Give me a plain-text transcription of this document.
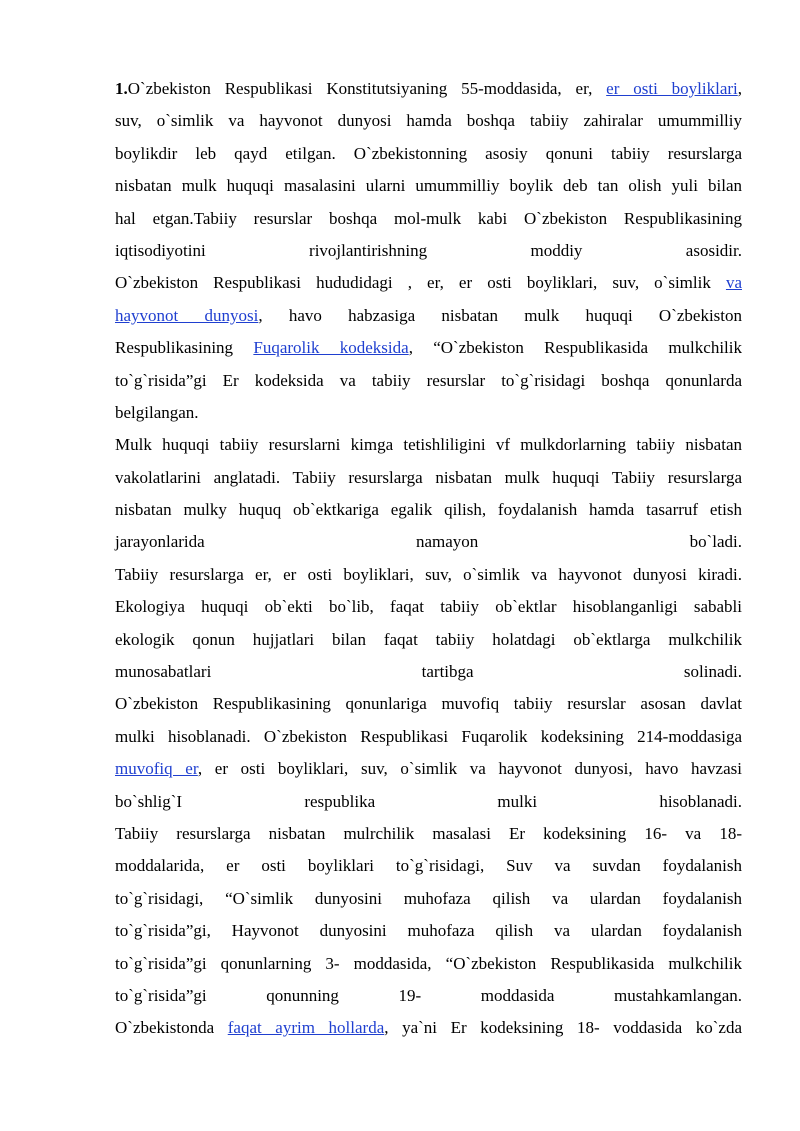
1.O`zbekiston Respublikasi Konstitutsiyaning 55-moddasida, er, er osti boyliklari,
suv, o`simlik va hayvonot dunyosi hamda boshqa tabiiy zahiralar umummilliy
boylikdir leb qayd etilgan. O`zbekistonning asosiy qonuni tabiiy resurslarga
nisbatan mulk huquqi masalasini ularni umummilliy boylik deb tan olish yuli bilan
hal etgan.Tabiiy resurslar boshqa mol-mulk kabi O`zbekiston Respublikasining
iqtisodiyotini rivojlantirishning moddiy asosidir.
O`zbekiston Respublikasi hududidagi , er, er osti boyliklari, suv, o`simlik va
hayvonot dunyosi, havo habzasiga nisbatan mulk huquqi O`zbekiston
Respublikasining Fuqarolik kodeksida, “O`zbekiston Respublikasida mulkchilik
to`g`risida”gi Er kodeksida va tabiiy resurslar to`g`risidagi boshqa qonunlarda
belgilangan.
Mulk huquqi tabiiy resurslarni kimga tetishliligini vf mulkdorlarning tabiiy nisbatan
vakolatlarini anglatadi. Tabiiy resurslarga nisbatan mulk huquqi Tabiiy resurslarga
nisbatan mulky huquq ob`ektkariga egalik qilish, foydalanish hamda tasarruf etish
jarayonlarida namayon bo`ladi.
Tabiiy resurslarga er, er osti boyliklari, suv, o`simlik va hayvonot dunyosi kiradi.
Ekologiya huquqi ob`ekti bo`lib, faqat tabiiy ob`ektlar hisoblanganligi sababli
ekologik qonun hujjatlari bilan faqat tabiiy holatdagi ob`ektlarga mulkchilik
munosabatlari tartibga solinadi.
O`zbekiston Respublikasining qonunlariga muvofiq tabiiy resurslar asosan davlat
mulki hisoblanadi. O`zbekiston Respublikasi Fuqarolik kodeksining 214-moddasiga
muvofiq er, er osti boyliklari, suv, o`simlik va hayvonot dunyosi, havo havzasi
bo`shlig`I respublika mulki hisoblanadi.
Tabiiy resurslarga nisbatan mulrchilik masalasi Er kodeksining 16- va 18-
moddalarida, er osti boyliklari to`g`risidagi, Suv va suvdan foydalanish
to`g`risidagi, “O`simlik dunyosini muhofaza qilish va ulardan foydalanish
to`g`risida”gi, Hayvonot dunyosini muhofaza qilish va ulardan foydalanish
to`g`risida”gi qonunlarning 3- moddasida, “O`zbekiston Respublikasida mulkchilik
to`g`risida”gi qonunning 19- moddasida mustahkamlangan.
O`zbekistonda faqat ayrim hollarda, ya`ni Er kodeksining 18- voddasida ko`zda
